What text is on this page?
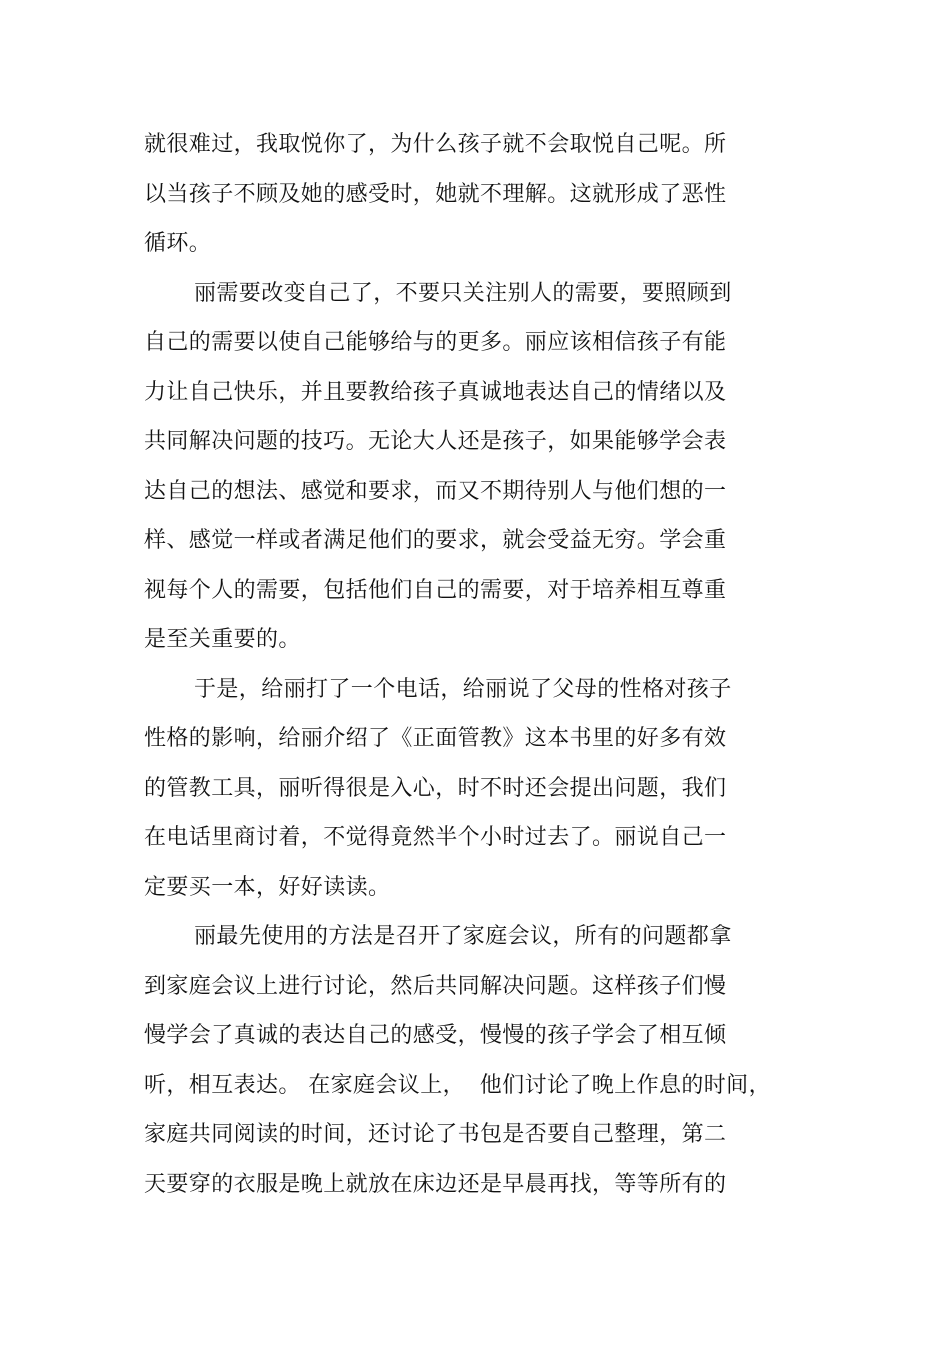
就很难过，我取悦你了，为什么孩子就不会取悦自己呢。所
以当孩子不顾及她的感受时，她就不理解。这就形成了恶性
循环。
丽需要改变自己了，不要只关注别人的需要，要照顾到
自己的需要以使自己能够给与的更多。丽应该相信孩子有能
力让自己快乐，并且要教给孩子真诚地表达自己的情绪以及
共同解决问题的技巧。无论大人还是孩子，如果能够学会表
达自己的想法、感觉和要求，而又不期待别人与他们想的一
样、感觉一样或者满足他们的要求，就会受益无穷。学会重
视每个人的需要，包括他们自己的需要，对于培养相互尊重
是至关重要的。
于是，给丽打了一个电话，给丽说了父母的性格对孩子
性格的影响，给丽介绍了《正面管教》这本书里的好多有效
的管教工具，丽听得很是入心，时不时还会提出问题，我们
在电话里商讨着，不觉得竟然半个小时过去了。丽说自己一
定要买一本，好好读读。
丽最先使用的方法是召开了家庭会议，所有的问题都拿
到家庭会议上进行讨论，然后共同解决问题。这样孩子们慢
慢学会了真诚的表达自己的感受，慢慢的孩子学会了相互倾
听，相互表达。 在家庭会议上，  他们讨论了晚上作息的时间，
家庭共同阅读的时间，还讨论了书包是否要自己整理，第二
天要穿的衣服是晚上就放在床边还是早晨再找，等等所有的
